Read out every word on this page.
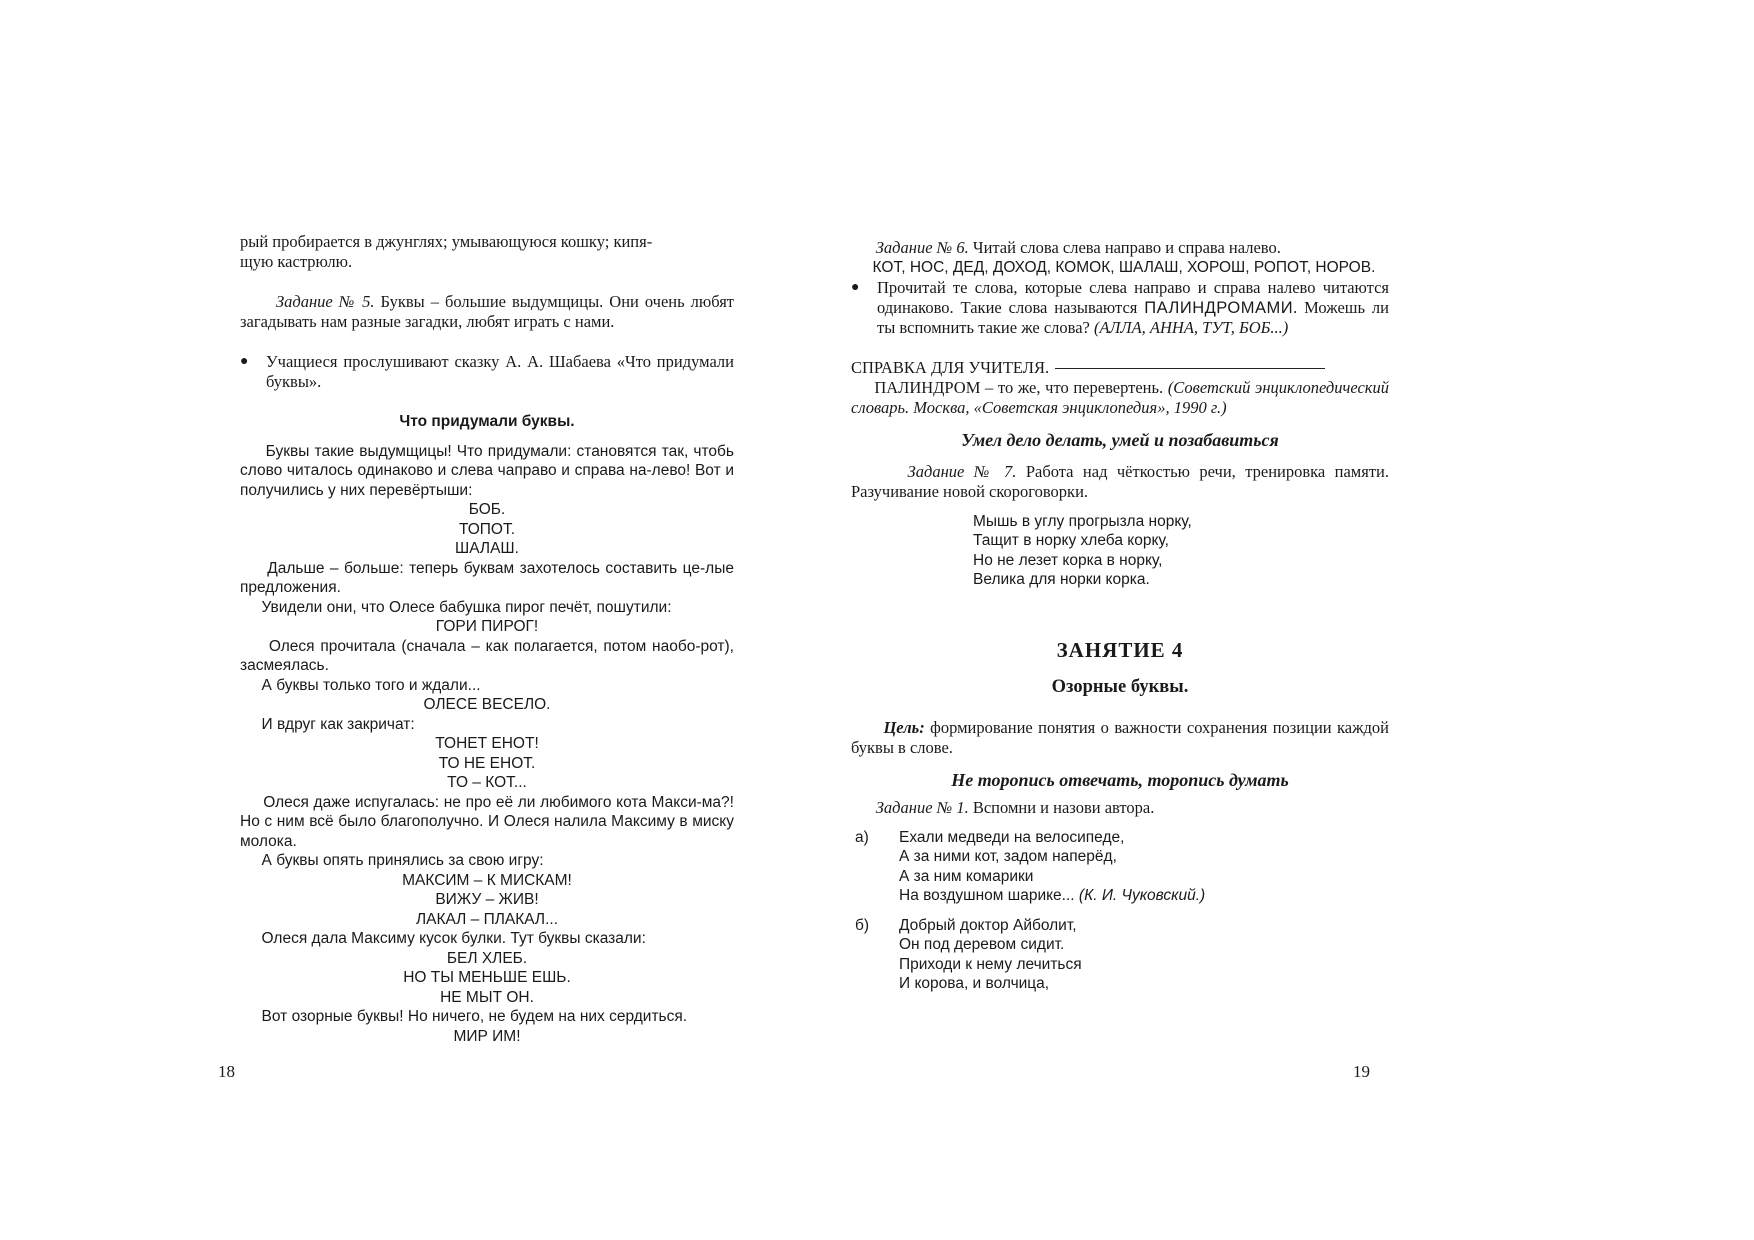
рый пробирается в джунглях; умывающуюся кошку; кипя-
щую кастрюлю.

Задание № 5. Буквы – большие выдумщицы. Они очень любят загадывать нам разные загадки, любят играть с нами.

●	Учащиеся прослушивают сказку А. А. Шабаева «Что придумали буквы».
Что придумали буквы.

Буквы такие выдумщицы! Что придумали: становятся так, чтобь слово читалось одинаково и слева чаправо и справа на-лево! Вот и получились у них перевёртыши:

БОБ.
ТОПОТ.
ШАЛАШ.

Дальше – больше: теперь буквам захотелось составить це-лые предложения.

Увидели они, что Олесе бабушка пирог печёт, пошутили:

ГОРИ ПИРОГ!

Олеся прочитала (сначала – как полагается, потом наобо-рот), засмеялась.

А буквы только того и ждали...

ОЛЕСЕ ВЕСЕЛО.

И вдруг как закричат:

ТОНЕТ ЕНОТ!
ТО НЕ ЕНОТ.
ТО – КОТ...

Олеся даже испугалась: не про её ли любимого кота Макси-ма?! Но с ним всё было благополучно. И Олеся налила Максиму в миску молока.

А буквы опять принялись за свою игру:

МАКСИМ – К МИСКАМ!
ВИЖУ – ЖИВ!
ЛАКАЛ – ПЛАКАЛ...

Олеся дала Максиму кусок булки. Тут буквы сказали:

БЕЛ ХЛЕБ.
НО ТЫ МЕНЬШЕ ЕШЬ.
НЕ МЫТ ОН.

Вот озорные буквы! Но ничего, не будем на них сердиться.

МИР ИМ!
18

Задание № 6. Читай слова слева направо и справа налево.

КОТ, НОС, ДЕД, ДОХОД, КОМОК, ШАЛАШ, ХОРОШ, РОПОТ, НОРОВ.

●	Прочитай те слова, которые слева направо и справа налево читаются одинаково. Такие слова называются ПАЛИНДРОМАМИ. Можешь ли ты вспомнить такие же слова? (АЛЛА, АННА, ТУТ, БОБ...)
СПРАВКА ДЛЯ УЧИТЕЛЯ.

ПАЛИНДРОМ – то же, что перевертень. (Советский энциклопедический словарь. Москва, «Советская энциклопедия», 1990 г.)

Умел дело делать, умей и позабавиться

Задание № 7. Работа над чёткостью речи, тренировка памяти. Разучивание новой скороговорки.

Мышь в углу прогрызла норку,
Тащит в норку хлеба корку,
Но не лезет корка в норку,
Велика для норки корка.
ЗАНЯТИЕ 4
Озорные буквы.

Цель: формирование понятия о важности сохранения позиции каждой буквы в слове.

Не торопись отвечать, торопись думать

Задание № 1. Вспомни и назови автора.

а)	Ехали медведи на велосипеде,
А за ними кот, задом наперёд,
А за ним комарики
На воздушном шарике... (К. И. Чуковский.)
б)	Добрый доктор Айболит,
Он под деревом сидит.
Приходи к нему лечиться
И корова, и волчица,
19
